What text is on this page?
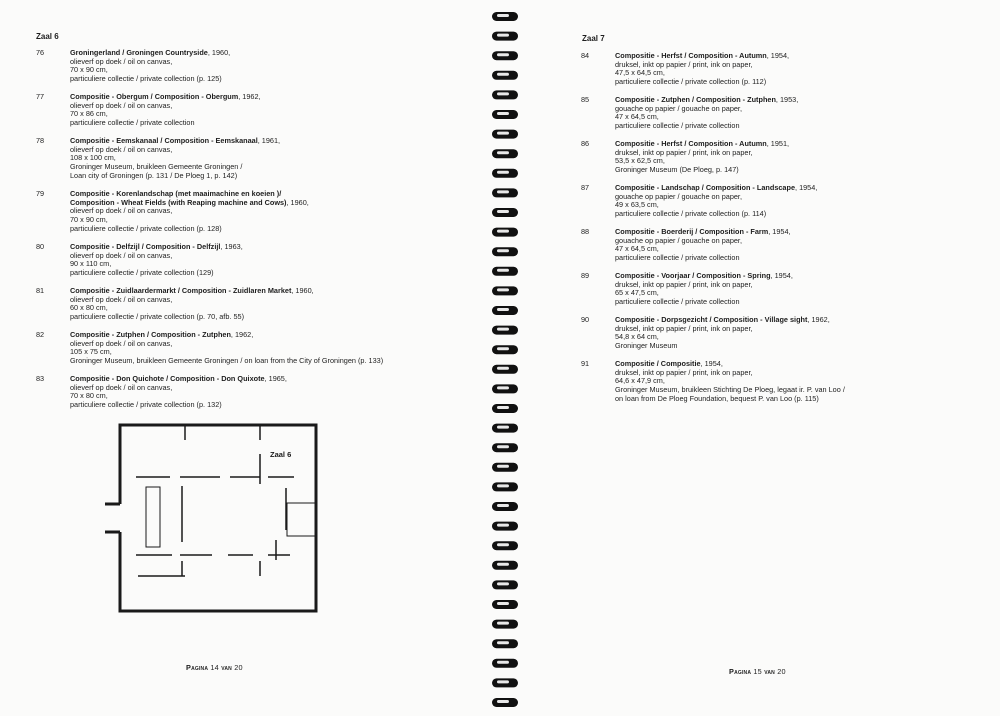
Zaal 6
76	Groningerland / Groningen Countryside, 1960,
olieverf op doek / oil on canvas,
70 x 90 cm,
particuliere collectie / private collection (p. 125)
77	Compositie - Obergum / Composition - Obergum, 1962,
olieverf op doek / oil on canvas,
70 x 86 cm,
particuliere collectie / private collection
78	Compositie - Eemskanaal / Composition - Eemskanaal, 1961,
olieverf op doek / oil on canvas,
108 x 100 cm,
Groninger Museum, bruikleen Gemeente Groningen /
Loan city of Groningen (p. 131 / De Ploeg 1, p. 142)
79	Compositie - Korenlandschap (met maaimachine en koeien )/
Composition - Wheat Fields (with Reaping machine and Cows), 1960,
olieverf op doek / oil on canvas,
70 x 90 cm,
particuliere collectie / private collection (p. 128)
80	Compositie - Delfzijl / Composition - Delfzijl, 1963,
olieverf op doek / oil on canvas,
90 x 110 cm,
particuliere collectie / private collection (129)
81	Compositie - Zuidlaardermarkt / Composition - Zuidlaren Market, 1960,
olieverf op doek / oil on canvas,
60 x 80 cm,
particuliere collectie / private collection (p. 70, afb. 55)
82	Compositie - Zutphen / Composition - Zutphen, 1962,
olieverf op doek / oil on canvas,
105 x 75 cm,
Groninger Museum, bruikleen Gemeente Groningen / on loan from the City of Groningen (p. 133)
83	Compositie - Don Quichote / Composition - Don Quixote, 1965,
olieverf op doek / oil on canvas,
70 x 80 cm,
particuliere collectie / private collection (p. 132)
Zaal 6
Pagina 14 van 20
Zaal 7
84	Compositie - Herfst / Composition - Autumn, 1954,
druksel, inkt op papier / print, ink on paper,
47,5 x 64,5 cm,
particuliere collectie / private collection (p. 112)
85	Compositie - Zutphen / Composition - Zutphen, 1953,
gouache op papier / gouache on paper,
47 x 64,5 cm,
particuliere collectie / private collection
86	Compositie - Herfst / Composition - Autumn, 1951,
druksel, inkt op papier / print, ink on paper,
53,5 x 62,5 cm,
Groninger Museum (De Ploeg, p. 147)
87	Compositie - Landschap / Composition - Landscape, 1954,
gouache op papier / gouache on paper,
49 x 63,5 cm,
particuliere collectie / private collection (p. 114)
88	Compositie - Boerderij / Composition - Farm, 1954,
gouache op papier / gouache on paper,
47 x 64,5 cm,
particuliere collectie / private collection
89	Compositie - Voorjaar / Composition - Spring, 1954,
druksel, inkt op papier / print, ink on paper,
65 x 47,5 cm,
particuliere collectie / private collection
90	Compositie - Dorpsgezicht / Composition - Village sight, 1962,
druksel, inkt op papier / print, ink on paper,
54,8 x 64 cm,
Groninger Museum
91	Compositie / Compositie, 1954,
druksel, inkt op papier / print, ink on paper,
64,6 x 47,9 cm,
Groninger Museum, bruikleen Stichting De Ploeg, legaat ir. P. van Loo /
on loan from De Ploeg Foundation, bequest P. van Loo (p. 115)
Pagina 15 van 20
